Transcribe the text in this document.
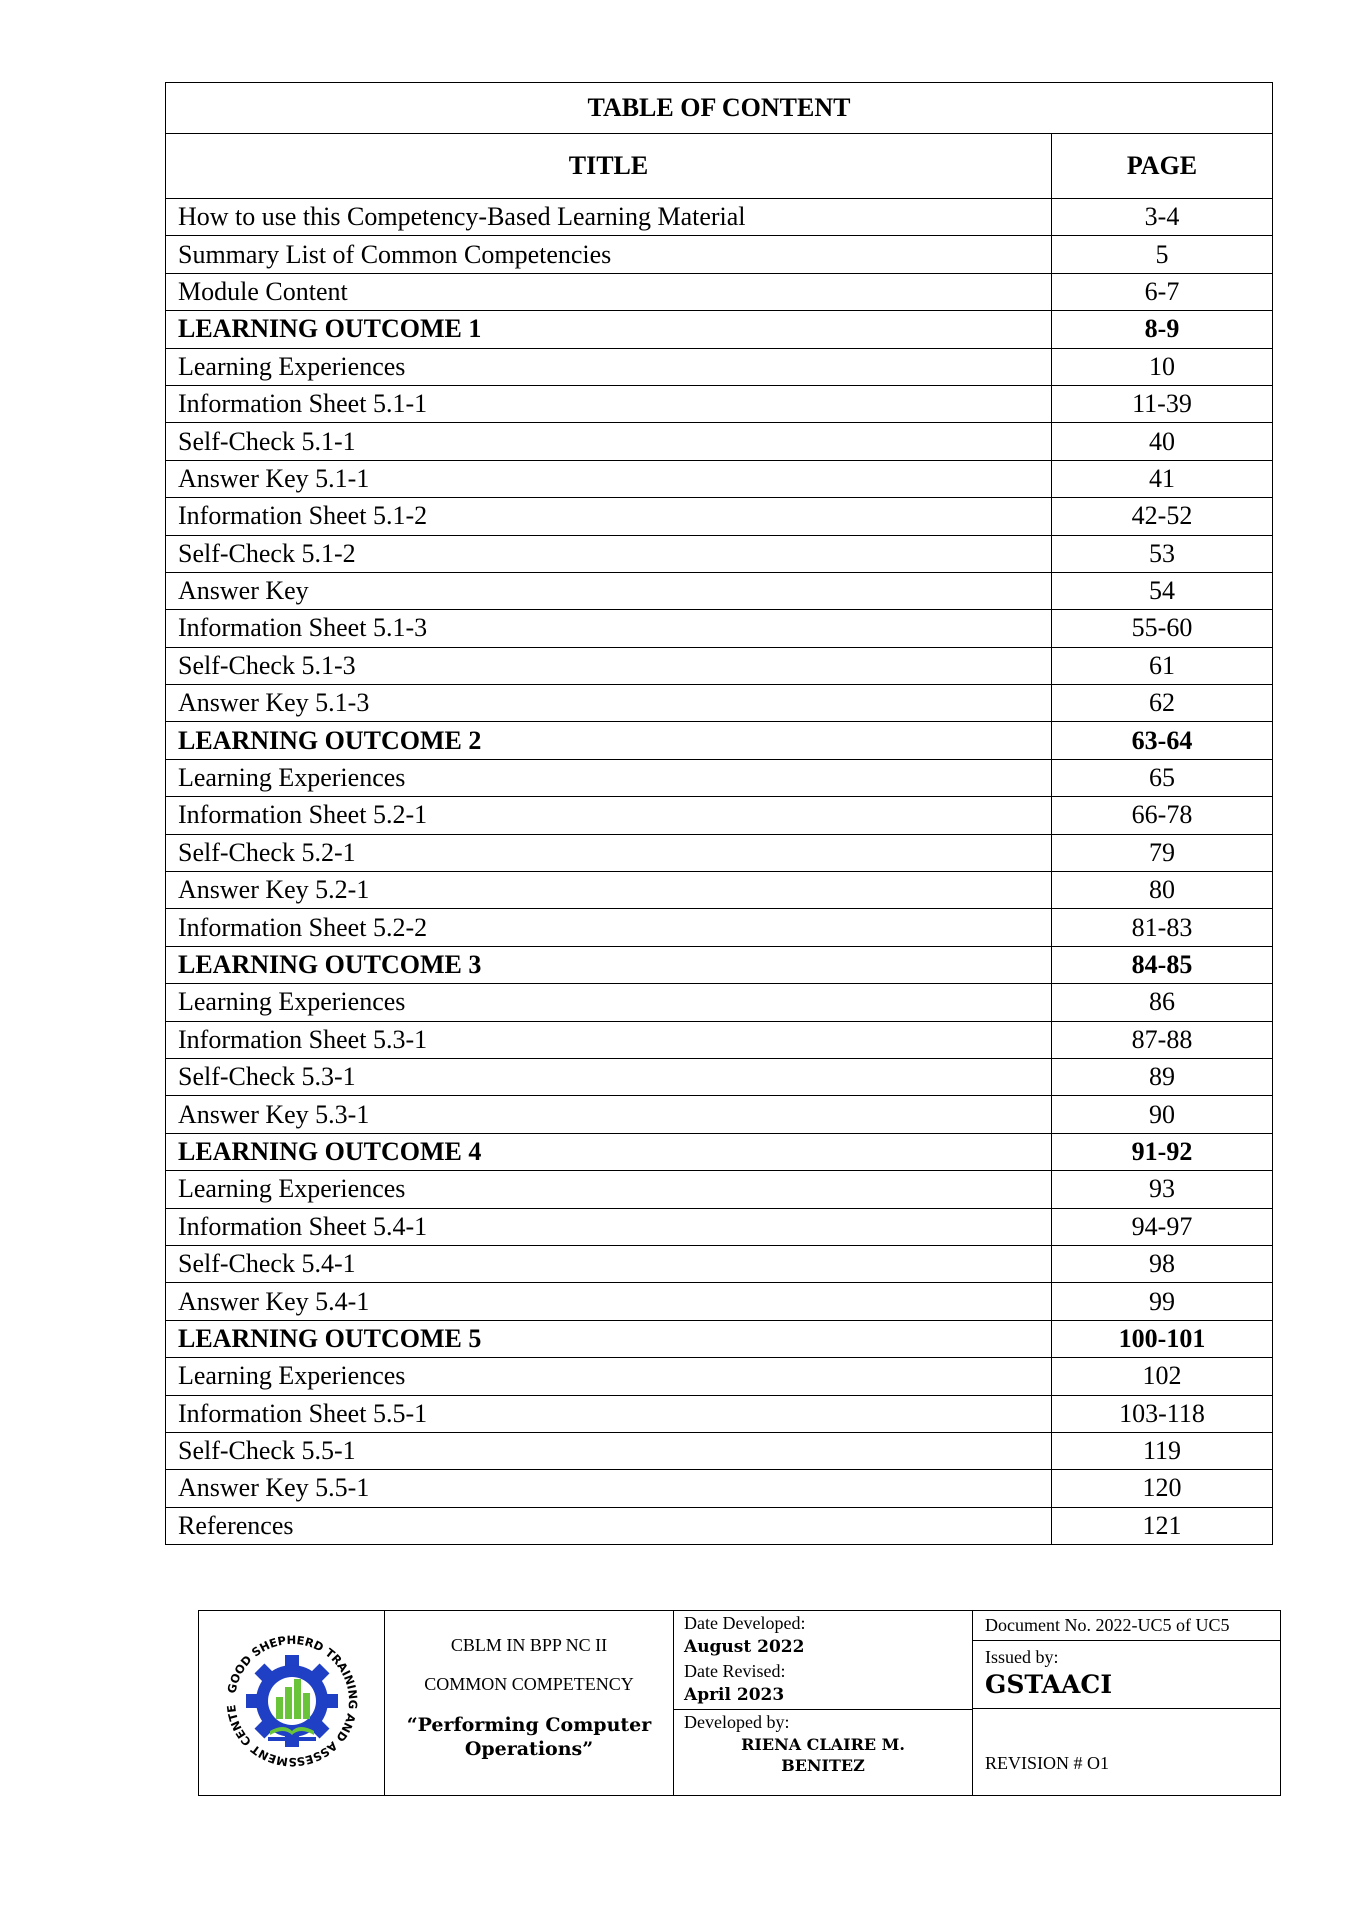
TABLE OF CONTENT	
TITLE	PAGE
How to use this Competency-Based Learning Material	3-4
Summary List of Common Competencies	5
Module Content	6-7
LEARNING OUTCOME 1	8-9
Learning Experiences	10
Information Sheet 5.1-1	11-39
Self-Check 5.1-1	40
Answer Key 5.1-1	41
Information Sheet 5.1-2	42-52
Self-Check 5.1-2	53
Answer Key	54
Information Sheet 5.1-3	55-60
Self-Check 5.1-3	61
Answer Key 5.1-3	62
LEARNING OUTCOME 2	63-64
Learning Experiences	65
Information Sheet 5.2-1	66-78
Self-Check 5.2-1	79
Answer Key 5.2-1	80
Information Sheet 5.2-2	81-83
LEARNING OUTCOME 3	84-85
Learning Experiences	86
Information Sheet 5.3-1	87-88
Self-Check 5.3-1	89
Answer Key 5.3-1	90
LEARNING OUTCOME 4	91-92
Learning Experiences	93
Information Sheet 5.4-1	94-97
Self-Check 5.4-1	98
Answer Key 5.4-1	99
LEARNING OUTCOME 5	100-101
Learning Experiences	102
Information Sheet 5.5-1	103-118
Self-Check 5.5-1	119
Answer Key 5.5-1	120
References	121
GOOD SHEPHERD TRAINING AND ASSESSMENT CENTE

CBLM IN BPP NC II
COMMON COMPETENCY
“Performing Computer
Operations”

Date Developed:
August 2022
Date Revised:
April 2023
Developed by:
RIENA CLAIRE M.
BENITEZ

Document No. 2022-UC5 of UC5
Issued by:
GSTAACI
REVISION # O1
